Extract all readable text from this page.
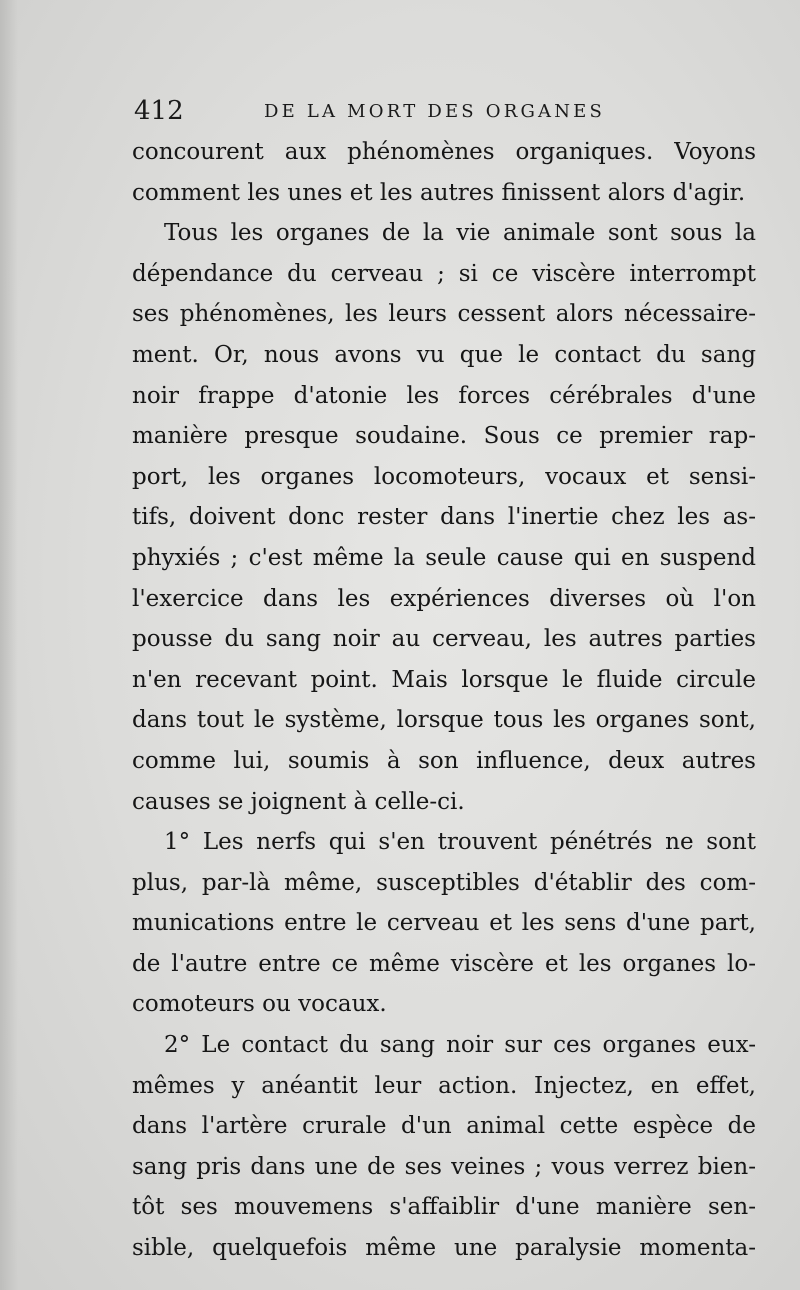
412	DE LA MORT DES ORGANES
concourent aux phénomènes organiques. Voyons
comment les unes et les autres finissent alors d'agir.
Tous les organes de la vie animale sont sous la
dépendance du cerveau ; si ce viscère interrompt
ses phénomènes, les leurs cessent alors nécessaire-
ment. Or, nous avons vu que le contact du sang
noir frappe d'atonie les forces cérébrales d'une
manière presque soudaine. Sous ce premier rap-
port, les organes locomoteurs, vocaux et sensi-
tifs, doivent donc rester dans l'inertie chez les as-
phyxiés ; c'est même la seule cause qui en suspend
l'exercice dans les expériences diverses où l'on
pousse du sang noir au cerveau, les autres parties
n'en recevant point. Mais lorsque le fluide circule
dans tout le système, lorsque tous les organes sont,
comme lui, soumis à son influence, deux autres
causes se joignent à celle-ci.
1° Les nerfs qui s'en trouvent pénétrés ne sont
plus, par-là même, susceptibles d'établir des com-
munications entre le cerveau et les sens d'une part,
de l'autre entre ce même viscère et les organes lo-
comoteurs ou vocaux.
2° Le contact du sang noir sur ces organes eux-
mêmes y anéantit leur action. Injectez, en effet,
dans l'artère crurale d'un animal cette espèce de
sang pris dans une de ses veines ; vous verrez bien-
tôt ses mouvemens s'affaiblir d'une manière sen-
sible, quelquefois même une paralysie momenta-
